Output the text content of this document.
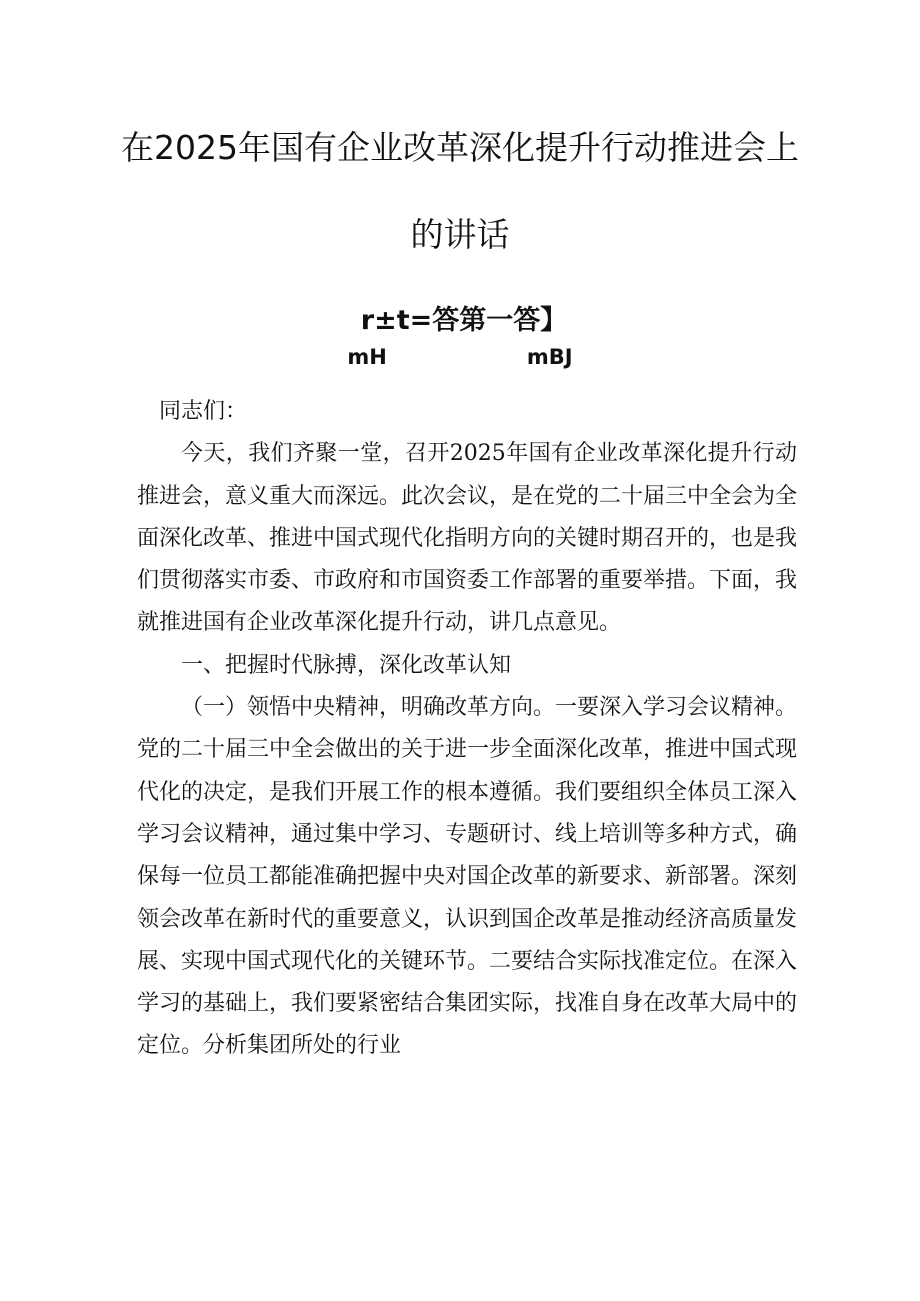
在2025年国有企业改革深化提升行动推进会上
的讲话
r±t=答第一答】
mH	mBJ

同志们：

今天，我们齐聚一堂，召开2025年国有企业改革深化提升行动推进会，意义重大而深远。此次会议，是在党的二十届三中全会为全面深化改革、推进中国式现代化指明方向的关键时期召开的，也是我们贯彻落实市委、市政府和市国资委工作部署的重要举措。下面，我就推进国有企业改革深化提升行动，讲几点意见。

一、把握时代脉搏，深化改革认知

（一）领悟中央精神，明确改革方向。一要深入学习会议精神。党的二十届三中全会做出的关于进一步全面深化改革，推进中国式现代化的决定，是我们开展工作的根本遵循。我们要组织全体员工深入学习会议精神，通过集中学习、专题研讨、线上培训等多种方式，确保每一位员工都能准确把握中央对国企改革的新要求、新部署。深刻领会改革在新时代的重要意义，认识到国企改革是推动经济高质量发展、实现中国式现代化的关键环节。二要结合实际找准定位。在深入学习的基础上，我们要紧密结合集团实际，找准自身在改革大局中的定位。分析集团所处的行业
